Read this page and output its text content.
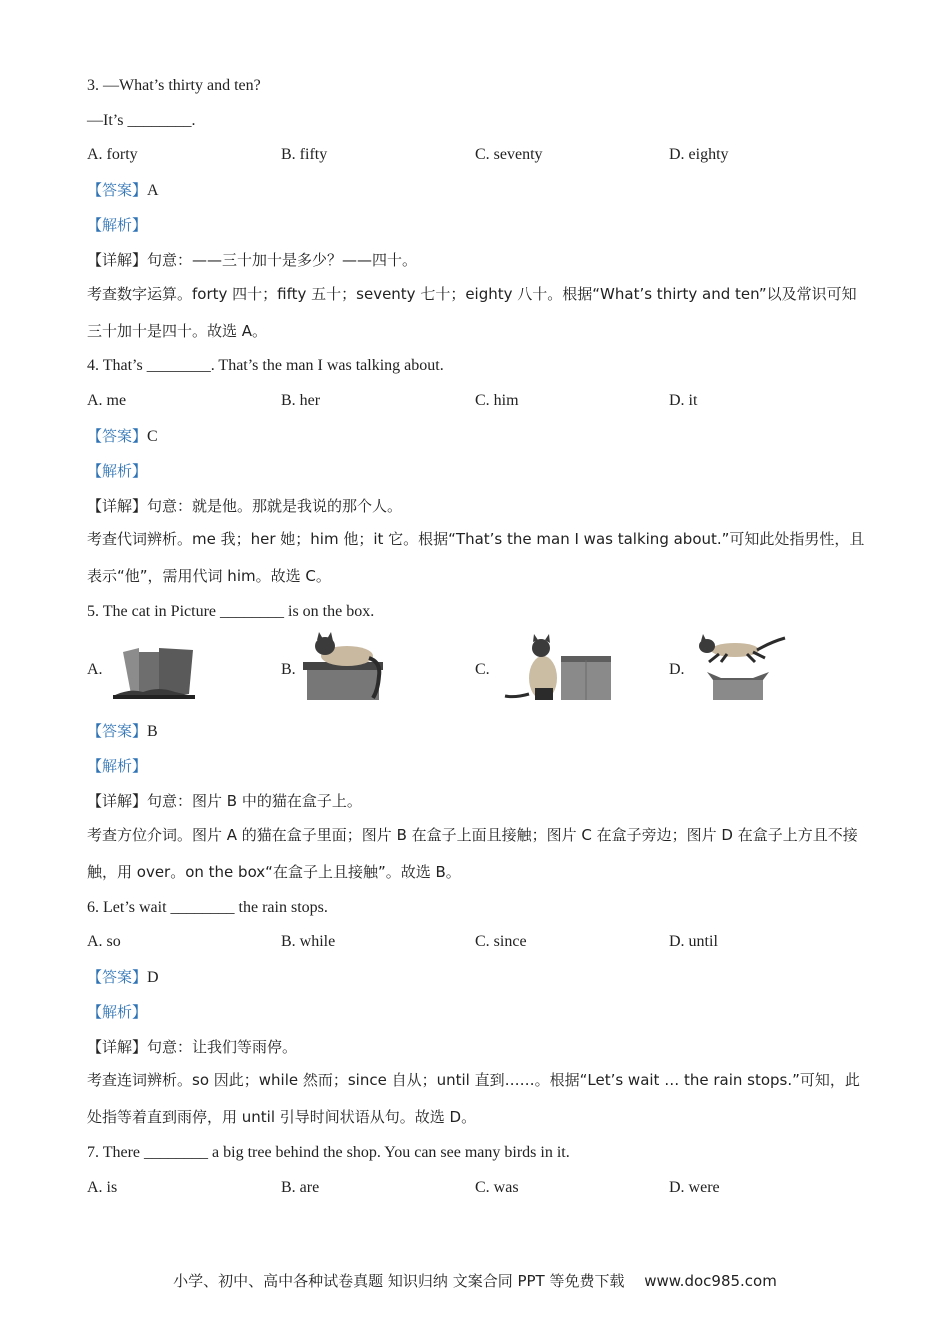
3. —What’s thirty and ten?
—It’s ________.
A. forty	B. fifty	C. seventy	D. eighty
【答案】A
【解析】
【详解】句意：——三十加十是多少？——四十。
考查数字运算。forty 四十；fifty 五十；seventy 七十；eighty 八十。根据“What’s thirty and ten”以及常识可知三十加十是四十。故选 A。
4. That’s ________. That’s the man I was talking about.
A. me	B. her	C. him	D. it
【答案】C
【解析】
【详解】句意：就是他。那就是我说的那个人。
考查代词辨析。me 我；her 她；him 他；it 它。根据“That’s the man I was talking about.”可知此处指男性，且表示“他”，需用代词 him。故选 C。
5. The cat in Picture ________ is on the box.
A.	B.	C.	D.
【答案】B
【解析】
【详解】句意：图片 B 中的猫在盒子上。
考查方位介词。图片 A 的猫在盒子里面；图片 B 在盒子上面且接触；图片 C 在盒子旁边；图片 D 在盒子上方且不接触，用 over。on the box“在盒子上且接触”。故选 B。
6. Let’s wait ________ the rain stops.
A. so	B. while	C. since	D. until
【答案】D
【解析】
【详解】句意：让我们等雨停。
考查连词辨析。so 因此；while 然而；since 自从；until 直到……。根据“Let’s wait … the rain stops.”可知，此处指等着直到雨停，用 until 引导时间状语从句。故选 D。
7. There ________ a big tree behind the shop. You can see many birds in it.
A. is	B. are	C. was	D. were
小学、初中、高中各种试卷真题 知识归纳 文案合同 PPT 等免费下载　 www.doc985.com
